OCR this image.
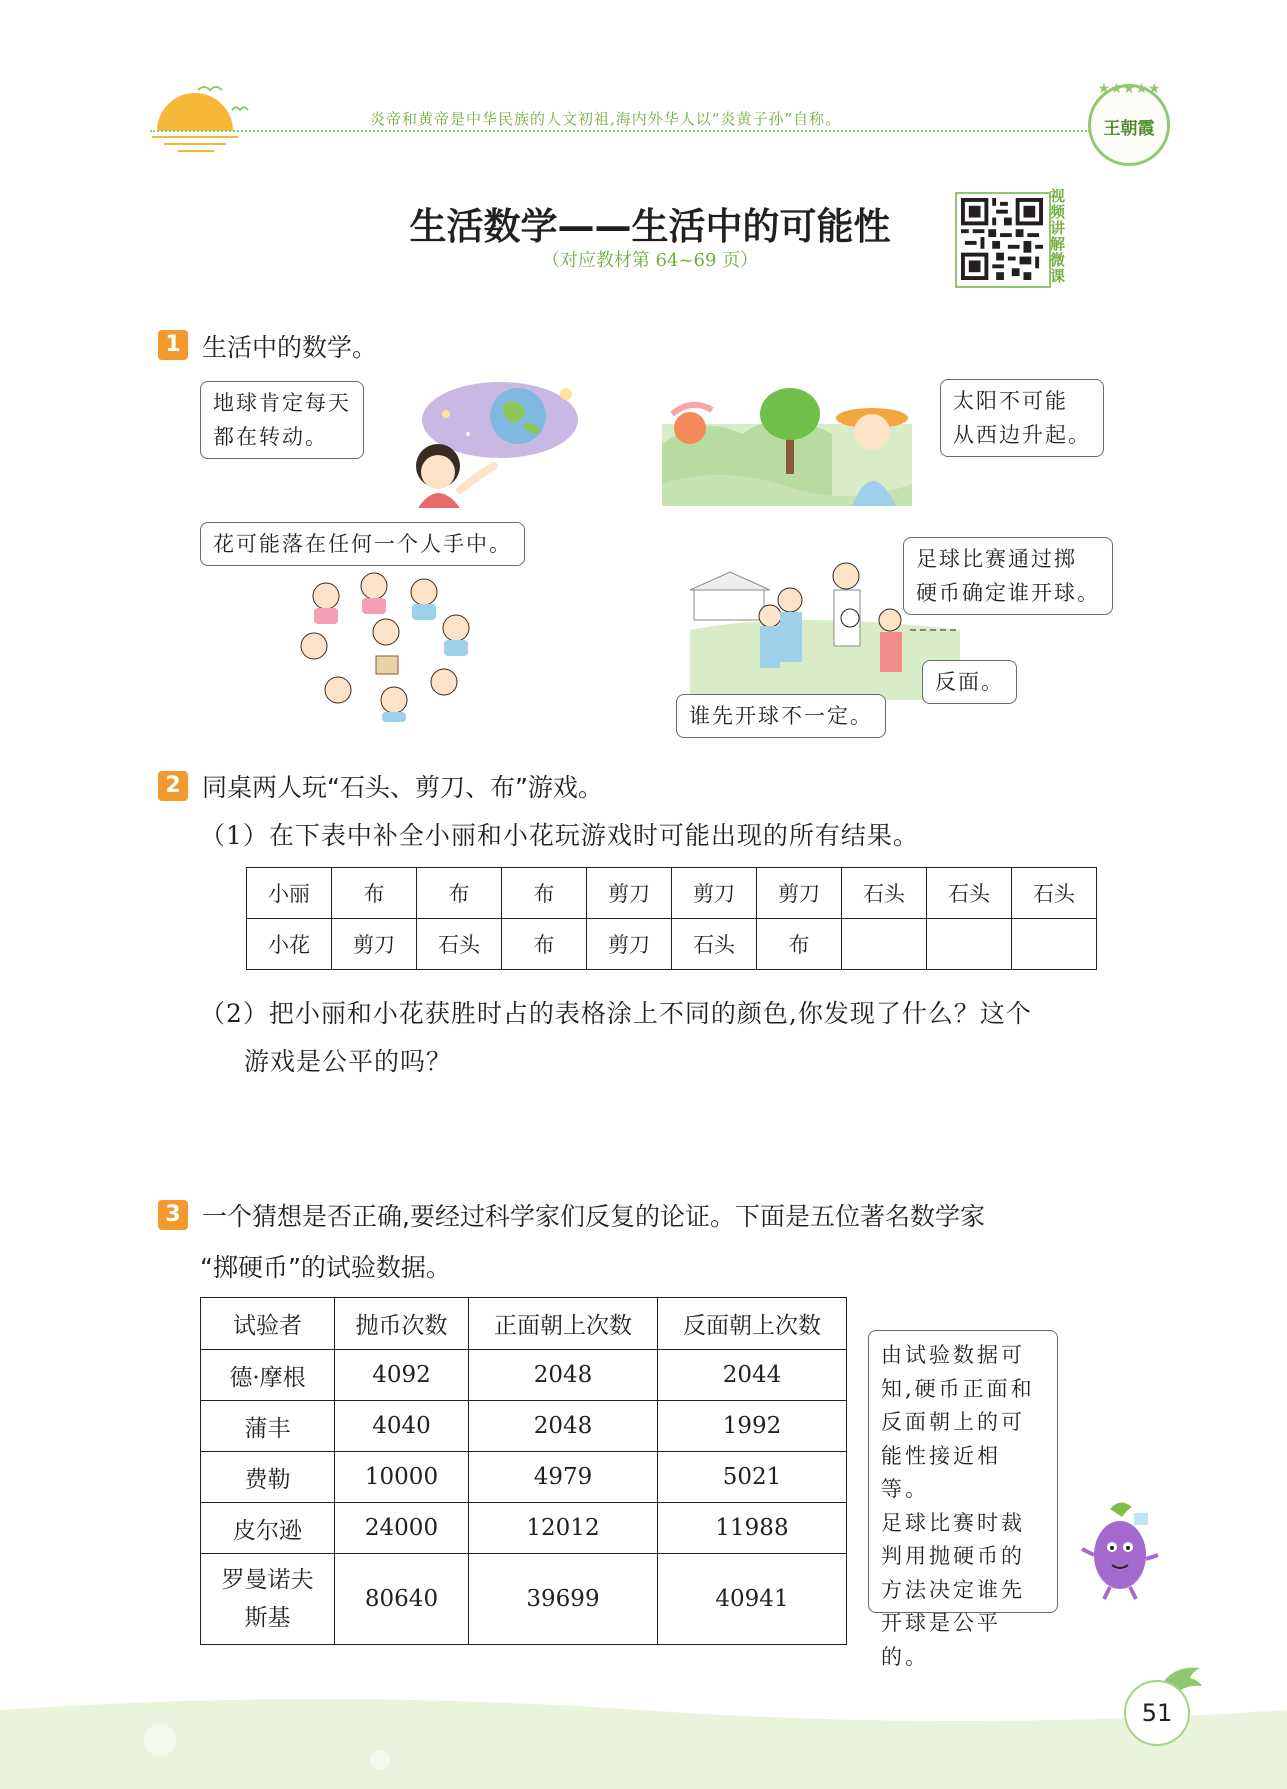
炎帝和黄帝是中华民族的人文初祖,海内外华人以“炎黄子孙”自称。
★★★★★
王朝霞
生活数学——生活中的可能性
（对应教材第 64~69 页）
视频讲解微课
1 生活中的数学。
地球肯定每天
都在转动。
太阳不可能
从西边升起。
花可能落在任何一个人手中。
足球比赛通过掷
硬币确定谁开球。
反面。
谁先开球不一定。
2 同桌两人玩“石头、剪刀、布”游戏。
（1）在下表中补全小丽和小花玩游戏时可能出现的所有结果。
小丽	布	布	布	剪刀	剪刀	剪刀	石头	石头	石头
小花	剪刀	石头	布	剪刀	石头	布			
（2）把小丽和小花获胜时占的表格涂上不同的颜色,你发现了什么？这个
游戏是公平的吗？
3 一个猜想是否正确,要经过科学家们反复的论证。下面是五位著名数学家
“掷硬币”的试验数据。
试验者	抛币次数	正面朝上次数	反面朝上次数
德·摩根	4092	2048	2044
蒲丰	4040	2048	1992
费勒	10000	4979	5021
皮尔逊	24000	12012	11988

罗曼诺夫
斯基	80640	39699	40941
由试验数据可
知,硬币正面和
反面朝上的可
能性接近相等。
足球比赛时裁
判用抛硬币的
方法决定谁先
开球是公平的。
51
